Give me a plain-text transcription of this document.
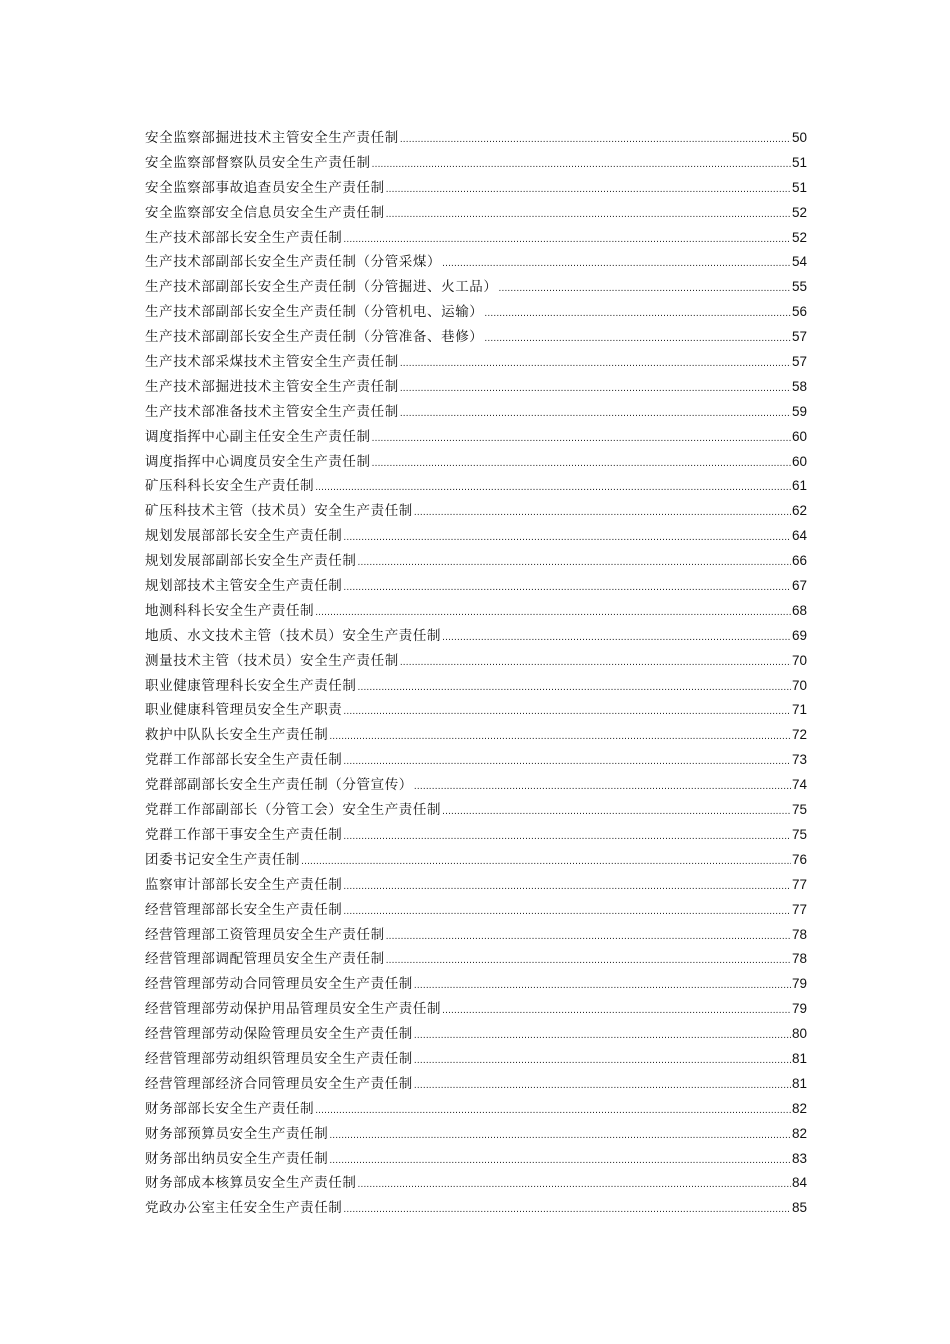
安全监察部掘进技术主管安全生产责任制 .....	50
安全监察部督察队员安全生产责任制 .....	51
安全监察部事故追查员安全生产责任制 .....	51
安全监察部安全信息员安全生产责任制 .....	52
生产技术部部长安全生产责任制 .....	52
生产技术部副部长安全生产责任制（分管采煤） .....	54
生产技术部副部长安全生产责任制（分管掘进、火工品） .....	55
生产技术部副部长安全生产责任制（分管机电、运输） .....	56
生产技术部副部长安全生产责任制（分管准备、巷修） .....	57
生产技术部采煤技术主管安全生产责任制 .....	57
生产技术部掘进技术主管安全生产责任制 .....	58
生产技术部准备技术主管安全生产责任制 .....	59
调度指挥中心副主任安全生产责任制 .....	60
调度指挥中心调度员安全生产责任制 .....	60
矿压科科长安全生产责任制 .....	61
矿压科技术主管（技术员）安全生产责任制 .....	62
规划发展部部长安全生产责任制 .....	64
规划发展部副部长安全生产责任制 .....	66
规划部技术主管安全生产责任制 .....	67
地测科科长安全生产责任制 .....	68
地质、水文技术主管（技术员）安全生产责任制 .....	69
测量技术主管（技术员）安全生产责任制 .....	70
职业健康管理科长安全生产责任制 .....	70
职业健康科管理员安全生产职责 .....	71
救护中队队长安全生产责任制 .....	72
党群工作部部长安全生产责任制 .....	73
党群部副部长安全生产责任制（分管宣传） .....	74
党群工作部副部长（分管工会）安全生产责任制 .....	75
党群工作部干事安全生产责任制 .....	75
团委书记安全生产责任制 .....	76
监察审计部部长安全生产责任制 .....	77
经营管理部部长安全生产责任制 .....	77
经营管理部工资管理员安全生产责任制 .....	78
经营管理部调配管理员安全生产责任制 .....	78
经营管理部劳动合同管理员安全生产责任制 .....	79
经营管理部劳动保护用品管理员安全生产责任制 .....	79
经营管理部劳动保险管理员安全生产责任制 .....	80
经营管理部劳动组织管理员安全生产责任制 .....	81
经营管理部经济合同管理员安全生产责任制 .....	81
财务部部长安全生产责任制 .....	82
财务部预算员安全生产责任制 .....	82
财务部出纳员安全生产责任制 .....	83
财务部成本核算员安全生产责任制 .....	84
党政办公室主任安全生产责任制 .....	85
